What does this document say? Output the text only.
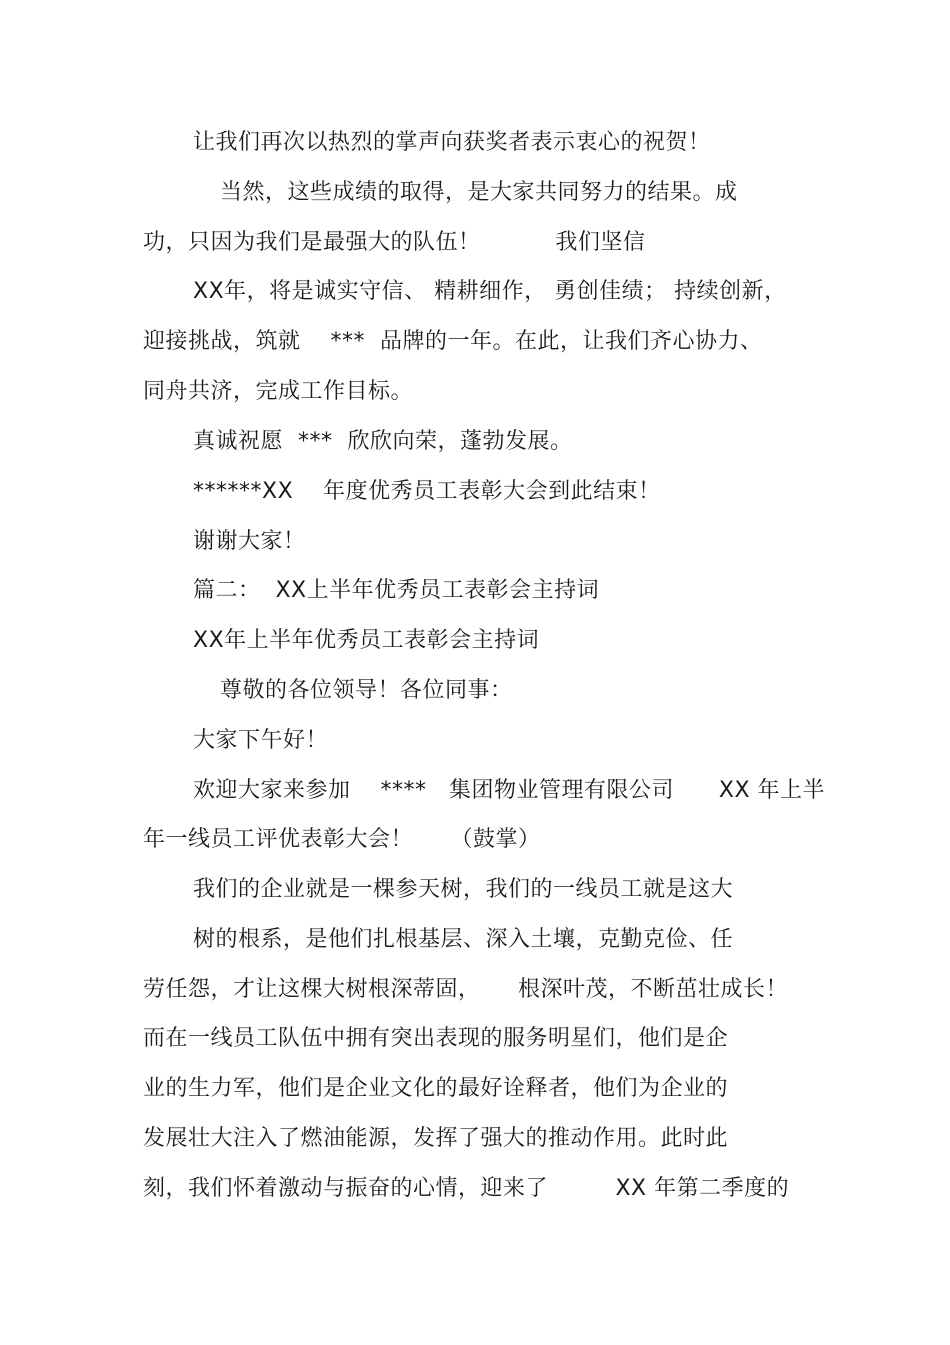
让我们再次以热烈的掌声向获奖者表示衷心的祝贺！

当然，这些成绩的取得，是大家共同努力的结果。成

功，只因为我们是最强大的队伍！          我们坚信

XX年，将是诚实守信、 精耕细作， 勇创佳绩； 持续创新，

迎接挑战，筑就    ***  品牌的一年。在此，让我们齐心协力、

同舟共济，完成工作目标。

真诚祝愿  ***  欣欣向荣，蓬勃发展。

******XX    年度优秀员工表彰大会到此结束！

谢谢大家！

篇二：  XX上半年优秀员工表彰会主持词

XX年上半年优秀员工表彰会主持词

尊敬的各位领导！各位同事：

大家下午好！

欢迎大家来参加    ****   集团物业管理有限公司      XX 年上半

年一线员工评优表彰大会！     （鼓掌）

我们的企业就是一棵参天树，我们的一线员工就是这大

树的根系，是他们扎根基层、深入土壤，克勤克俭、任

劳任怨，才让这棵大树根深蒂固，     根深叶茂，不断茁壮成长！

而在一线员工队伍中拥有突出表现的服务明星们，他们是企

业的生力军，他们是企业文化的最好诠释者，他们为企业的

发展壮大注入了燃油能源，发挥了强大的推动作用。此时此

刻，我们怀着激动与振奋的心情，迎来了         XX 年第二季度的
